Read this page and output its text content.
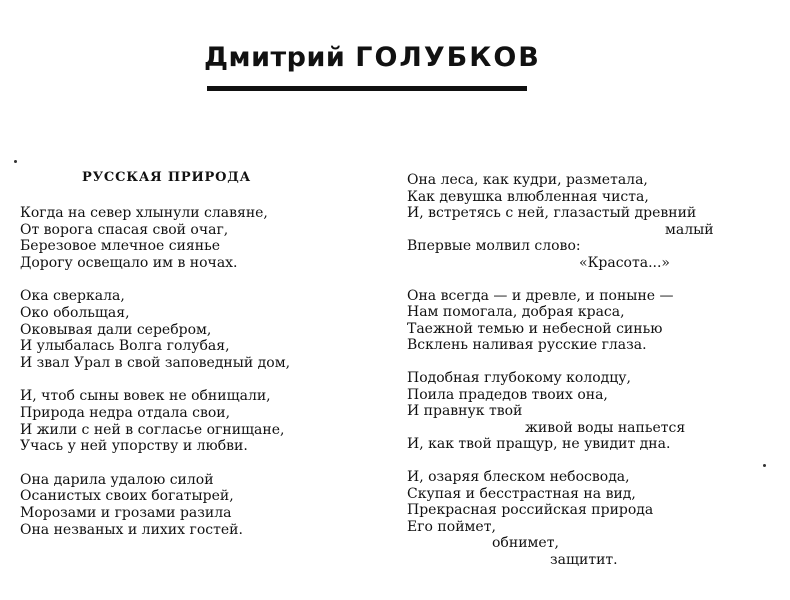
Дмитрий ГОЛУБКОВ
РУССКАЯ ПРИРОДА
Когда на север хлынули славяне,
От ворога спасая свой очаг,
Березовое млечное сиянье
Дорогу освещало им в ночах.
Ока сверкала,
Око обольщая,
Оковывая дали серебром,
И улыбалась Волга голубая,
И звал Урал в свой заповедный дом,
И, чтоб сыны вовек не обнищали,
Природа недра отдала свои,
И жили с ней в согласье огнищане,
Учась у ней упорству и любви.
Она дарила удалою силой
Осанистых своих богатырей,
Морозами и грозами разила
Она незваных и лихих гостей.
Она леса, как кудри, разметала,
Как девушка влюбленная чиста,
И, встретясь с ней, глазастый древний
малый
Впервые молвил слово:
«Красота...»
Она всегда — и древле, и поныне —
Нам помогала, добрая краса,
Таежной темью и небесной синью
Всклень наливая русские глаза.
Подобная глубокому колодцу,
Поила прадедов твоих она,
И правнук твой
живой воды напьется
И, как твой пращур, не увидит дна.
И, озаряя блеском небосвода,
Скупая и бесстрастная на вид,
Прекрасная российская природа
Его поймет,
обнимет,
защитит.
